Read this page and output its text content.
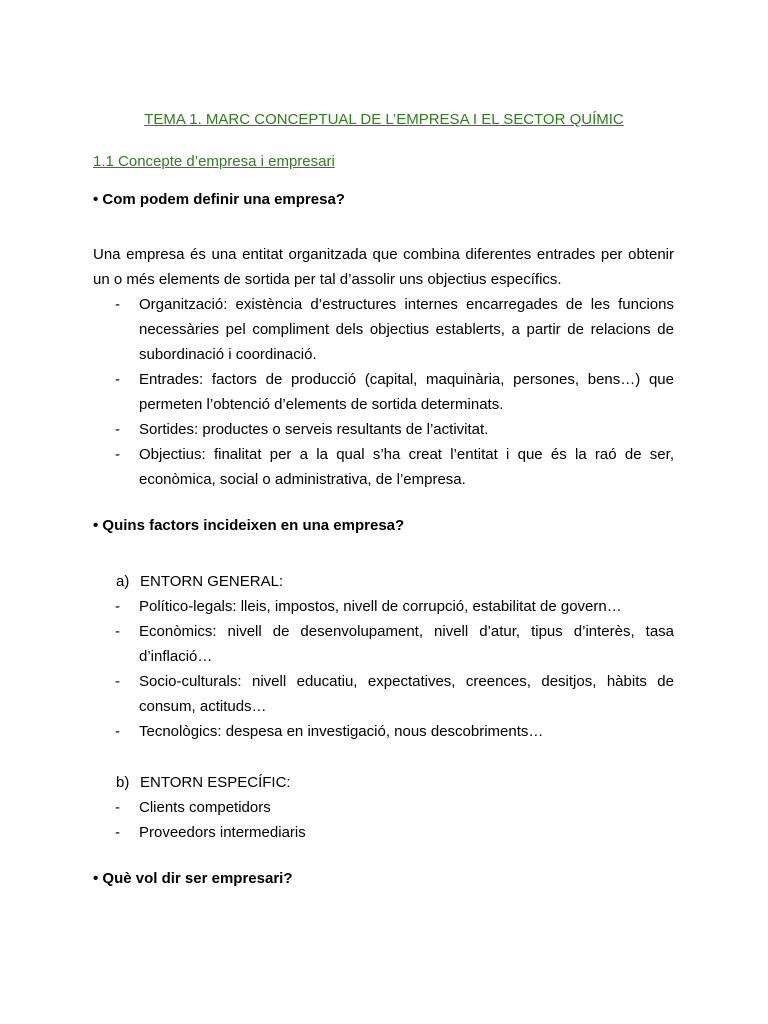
TEMA 1. MARC CONCEPTUAL DE L’EMPRESA I EL SECTOR QUÍMIC
1.1 Concepte d’empresa i empresari
• Com podem definir una empresa?
Una empresa és una entitat organitzada que combina diferentes entrades per obtenir un o més elements de sortida per tal d’assolir uns objectius específics.
- Organització: existència d’estructures internes encarregades de les funcions necessàries pel compliment dels objectius establerts, a partir de relacions de subordinació i coordinació.
- Entrades: factors de producció (capital, maquinària, persones, bens…) que permeten l’obtenció d’elements de sortida determinats.
- Sortides: productes o serveis resultants de l’activitat.
- Objectius: finalitat per a la qual s’ha creat l’entitat i que és la raó de ser, econòmica, social o administrativa, de l’empresa.
• Quins factors incideixen en una empresa?
a) ENTORN GENERAL:
- Político-legals: lleis, impostos, nivell de corrupció, estabilitat de govern…
- Econòmics: nivell de desenvolupament, nivell d’atur, tipus d’interès, tasa d’inflació…
- Socio-culturals: nivell educatiu, expectatives, creences, desitjos, hàbits de consum, actituds…
- Tecnològics: despesa en investigació, nous descobriments…
b) ENTORN ESPECÍFIC:
- Clients competidors
- Proveedors intermediaris
• Què vol dir ser empresari?
